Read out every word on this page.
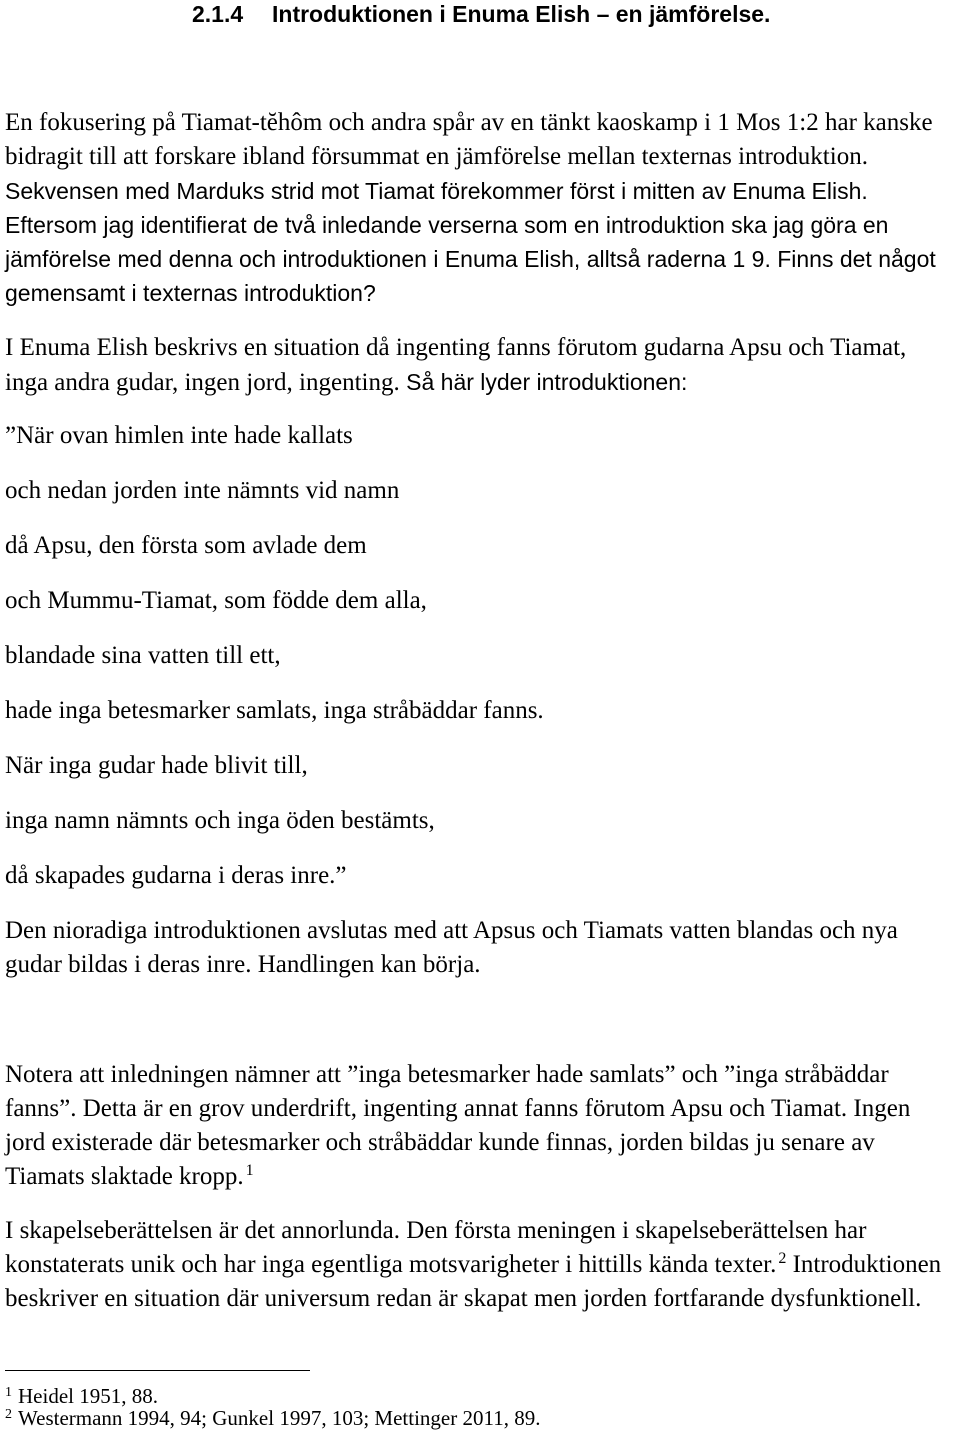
2.1.4 Introduktionen i Enuma Elish – en jämförelse.
En fokusering på Tiamat-tĕhôm och andra spår av en tänkt kaoskamp i 1 Mos 1:2 har kanske
bidragit till att forskare ibland försummat en jämförelse mellan texternas introduktion.
Sekvensen med Marduks strid mot Tiamat förekommer först i mitten av Enuma Elish.
Eftersom jag identifierat de två inledande verserna som en introduktion ska jag göra en
jämförelse med denna och introduktionen i Enuma Elish, alltså raderna 1 9. Finns det något
gemensamt i texternas introduktion?
I Enuma Elish beskrivs en situation då ingenting fanns förutom gudarna Apsu och Tiamat,
inga andra gudar, ingen jord, ingenting. Så här lyder introduktionen:
”När ovan himlen inte hade kallats
och nedan jorden inte nämnts vid namn
då Apsu, den första som avlade dem
och Mummu-Tiamat, som födde dem alla,
blandade sina vatten till ett,
hade inga betesmarker samlats, inga stråbäddar fanns.
När inga gudar hade blivit till,
inga namn nämnts och inga öden bestämts,
då skapades gudarna i deras inre.”
Den nioradiga introduktionen avslutas med att Apsus och Tiamats vatten blandas och nya
gudar bildas i deras inre. Handlingen kan börja.
Notera att inledningen nämner att ”inga betesmarker hade samlats” och ”inga stråbäddar
fanns”. Detta är en grov underdrift, ingenting annat fanns förutom Apsu och Tiamat. Ingen
jord existerade där betesmarker och stråbäddar kunde finnas, jorden bildas ju senare av
Tiamats slaktade kropp. $^1$
I skapelseberättelsen är det annorlunda. Den första meningen i skapelseberättelsen har
konstaterats unik och har inga egentliga motsvarigheter i hittills kända texter. $^2$ Introduktionen
beskriver en situation där universum redan är skapat men jorden fortfarande dysfunktionell.
1 Heidel 1951, 88.
2 Westermann 1994, 94; Gunkel 1997, 103; Mettinger 2011, 89.
